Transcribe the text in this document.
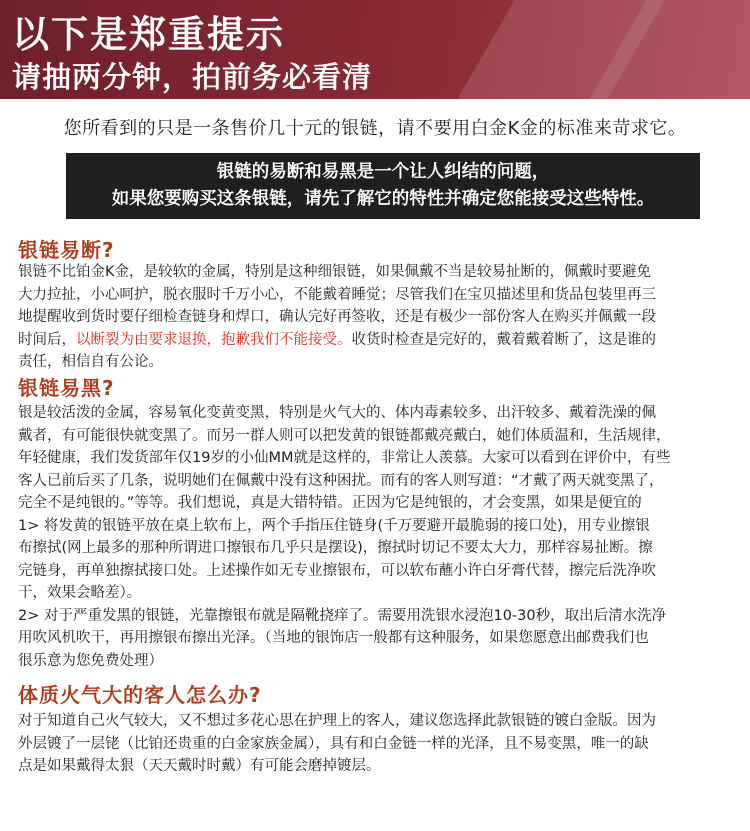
以下是郑重提示
请抽两分钟，拍前务必看清
您所看到的只是一条售价几十元的银链，请不要用白金K金的标准来苛求它。
银链的易断和易黑是一个让人纠结的问题，
如果您要购买这条银链，请先了解它的特性并确定您能接受这些特性。
银链易断?
银链不比铂金K金，是较软的金属，特别是这种细银链，如果佩戴不当是较易扯断的，佩戴时要避免
大力拉扯，小心呵护，脱衣服时千万小心，不能戴着睡觉；尽管我们在宝贝描述里和货品包装里再三
地提醒收到货时要仔细检查链身和焊口，确认完好再签收，还是有极少一部份客人在购买并佩戴一段
时间后，以断裂为由要求退换，抱歉我们不能接受。收货时检查是完好的，戴着戴着断了，这是谁的
责任，相信自有公论。
银链易黑?
银是较活泼的金属，容易氧化变黄变黑，特别是火气大的、体内毒素较多、出汗较多、戴着洗澡的佩
戴者，有可能很快就变黑了。而另一群人则可以把发黄的银链都戴亮戴白，她们体质温和，生活规律，
年轻健康，我们发货部年仅19岁的小仙MM就是这样的，非常让人羡慕。大家可以看到在评价中，有些
客人已前后买了几条，说明她们在佩戴中没有这种困扰。而有的客人则写道：“才戴了两天就变黑了，
完全不是纯银的。”等等。我们想说，真是大错特错。正因为它是纯银的，才会变黑，如果是便宜的
1> 将发黄的银链平放在桌上软布上，两个手指压住链身(千万要避开最脆弱的接口处)，用专业擦银
布擦拭(网上最多的那种所谓进口擦银布几乎只是摆设)，擦拭时切记不要太大力，那样容易扯断。擦
完链身，再单独擦拭接口处。上述操作如无专业擦银布，可以软布蘸小许白牙膏代替，擦完后洗净吹
干，效果会略差）。
2> 对于严重发黑的银链，光靠擦银布就是隔靴挠痒了。需要用洗银水浸泡10-30秒，取出后清水洗净
用吹风机吹干，再用擦银布擦出光泽。（当地的银饰店一般都有这种服务，如果您愿意出邮费我们也
很乐意为您免费处理）
体质火气大的客人怎么办?
对于知道自己火气较大，又不想过多花心思在护理上的客人，建议您选择此款银链的镀白金版。因为
外层镀了一层铑（比铂还贵重的白金家族金属），具有和白金链一样的光泽，且不易变黑，唯一的缺
点是如果戴得太狠（天天戴时时戴）有可能会磨掉镀层。
